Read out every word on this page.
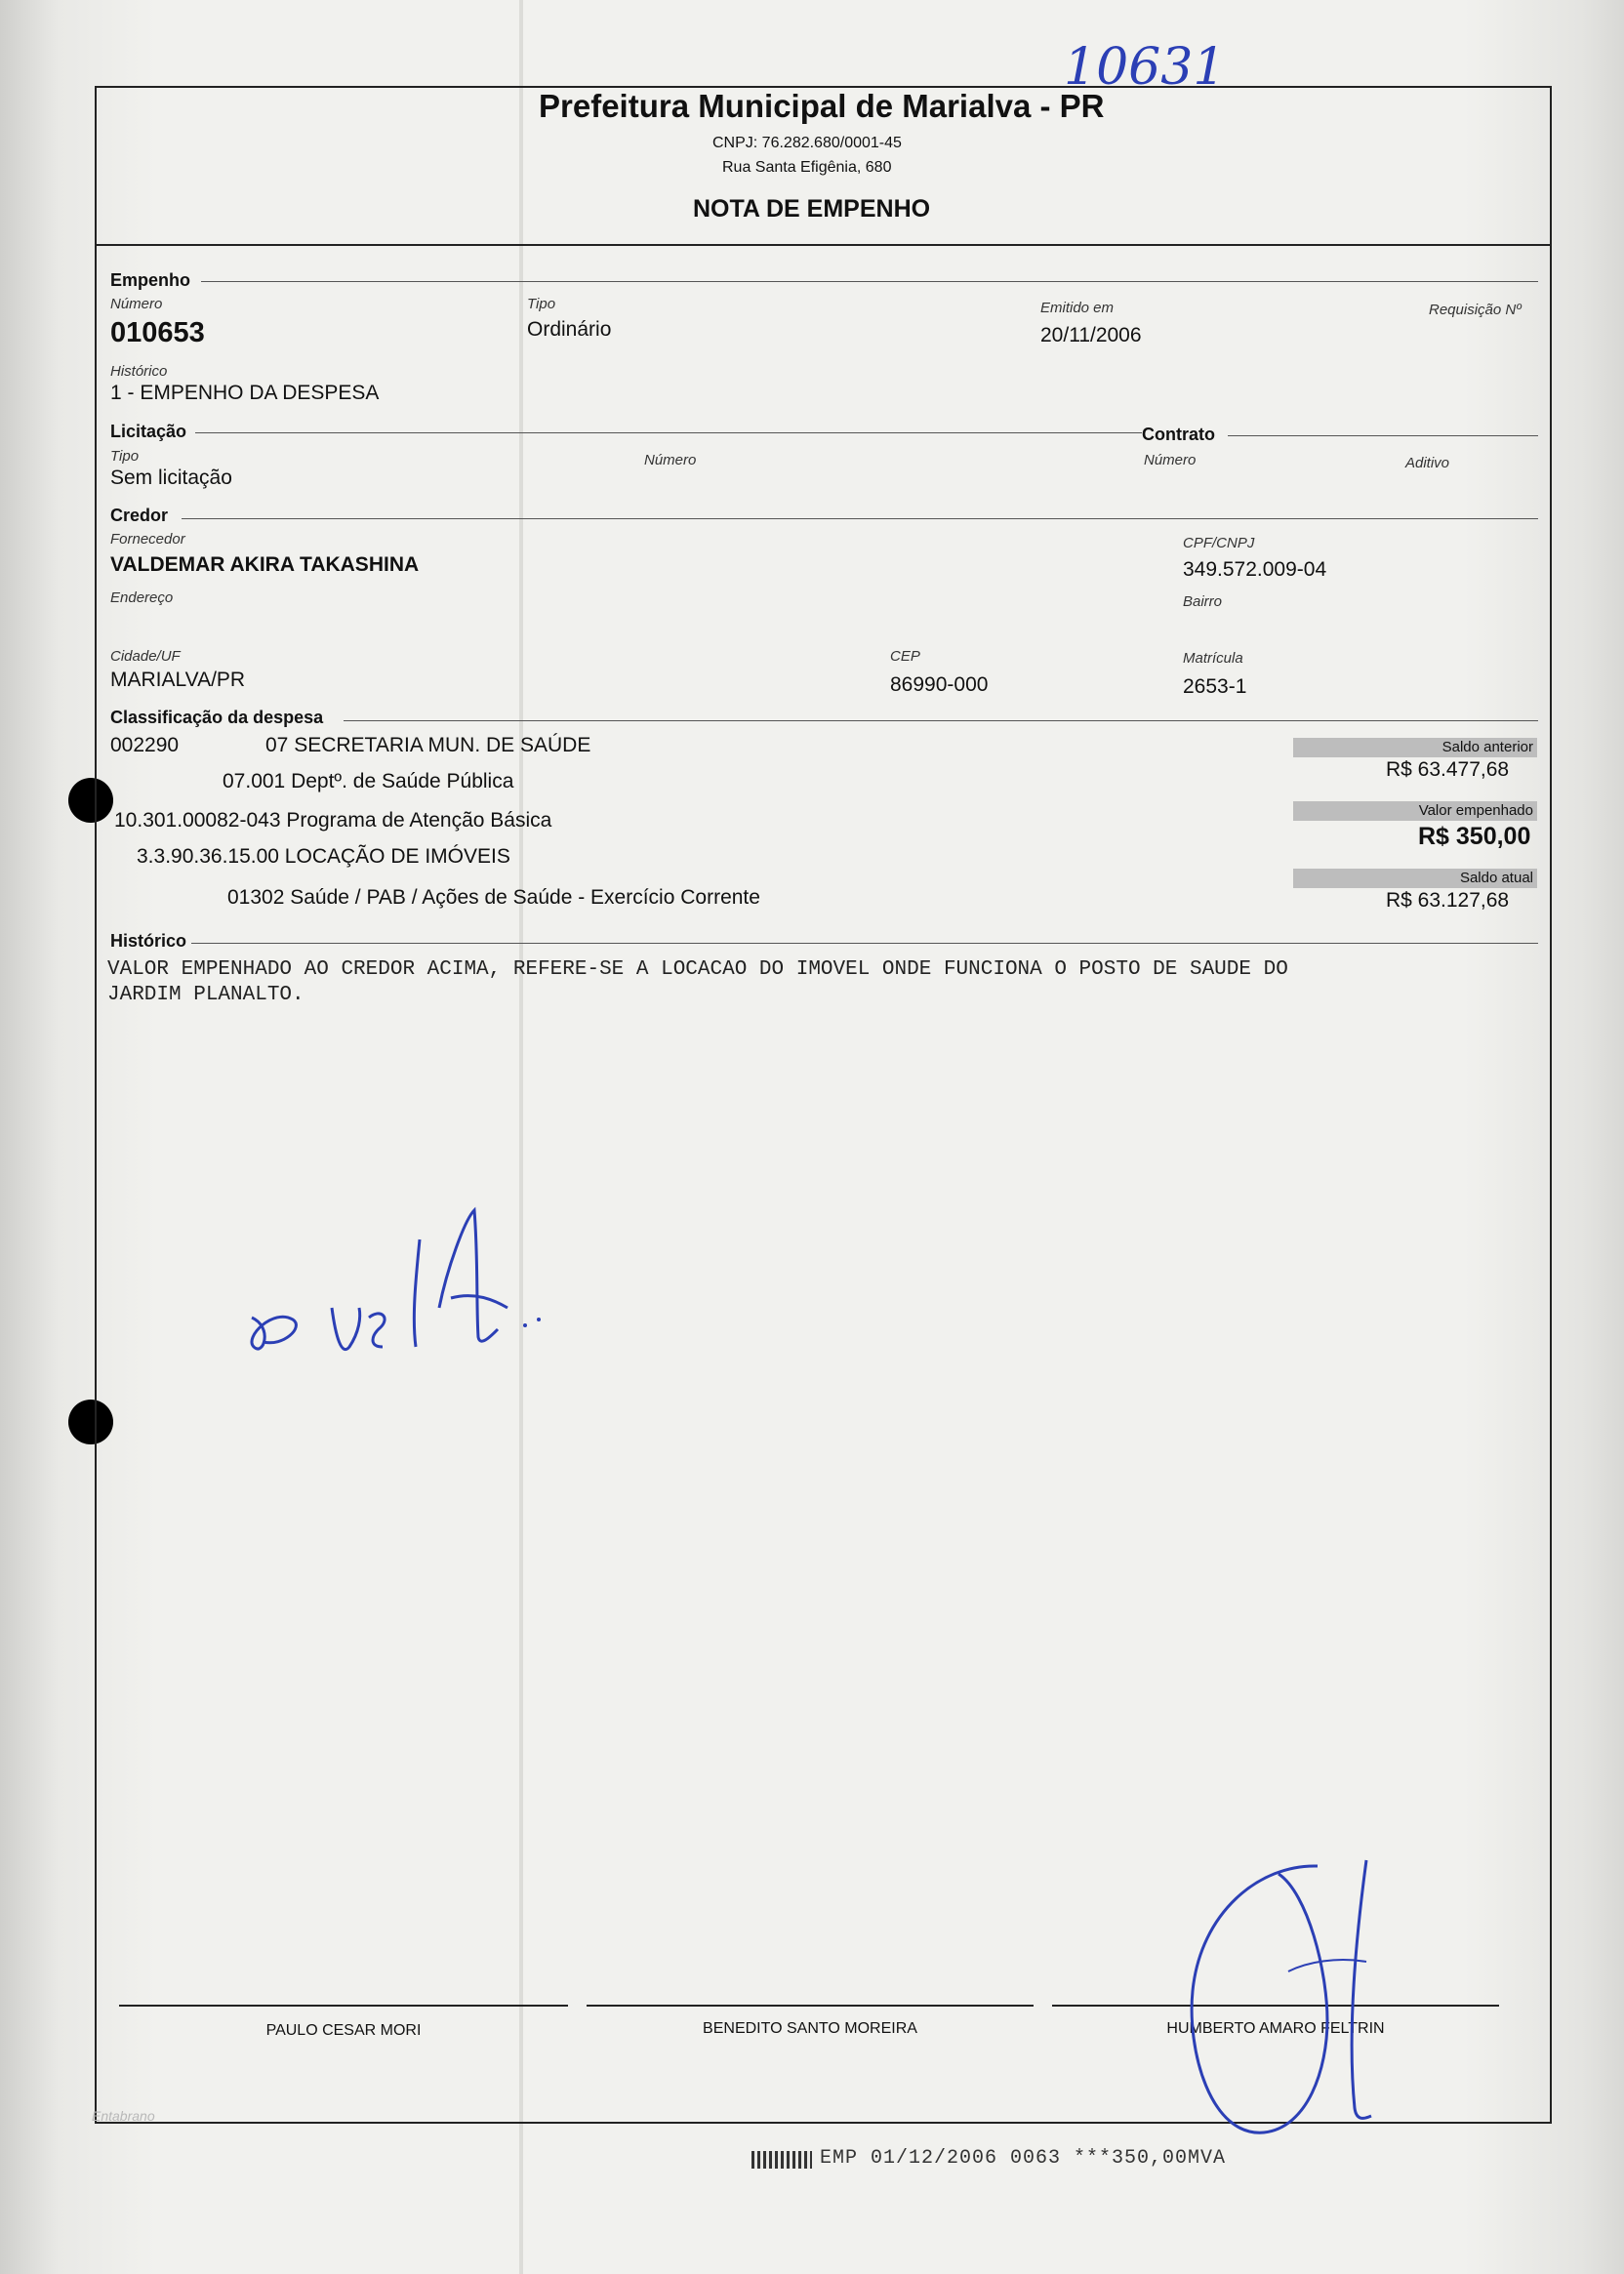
10631
Prefeitura Municipal de Marialva - PR
CNPJ: 76.282.680/0001-45
Rua Santa Efigênia, 680
NOTA DE EMPENHO
Empenho
Número
010653
Tipo
Ordinário
Emitido em
20/11/2006
Requisição Nº
Histórico
1 - EMPENHO DA DESPESA
Licitação	Contrato
Tipo
Sem licitação
Número	Número	Aditivo
Credor
Fornecedor
VALDEMAR AKIRA TAKASHINA
CPF/CNPJ
349.572.009-04
Endereço	Bairro
Cidade/UF
MARIALVA/PR
CEP
86990-000
Matrícula
2653-1
Classificação da despesa
002290	07 SECRETARIA MUN. DE SAÚDE
07.001 Deptº. de Saúde Pública
10.301.00082-043 Programa de Atenção Básica
3.3.90.36.15.00 LOCAÇÃO DE IMÓVEIS
01302 Saúde / PAB / Ações de Saúde - Exercício Corrente
Saldo anterior
R$ 63.477,68
Valor empenhado
R$ 350,00
Saldo atual
R$ 63.127,68
Histórico
VALOR EMPENHADO AO CREDOR ACIMA, REFERE-SE A LOCACAO DO IMOVEL ONDE FUNCIONA O POSTO DE SAUDE DO
JARDIM PLANALTO.
PAULO CESAR MORI	BENEDITO SANTO MOREIRA	HUMBERTO AMARO FELTRIN
Entabrano
EMP 01/12/2006 0063 ***350,00MVA
